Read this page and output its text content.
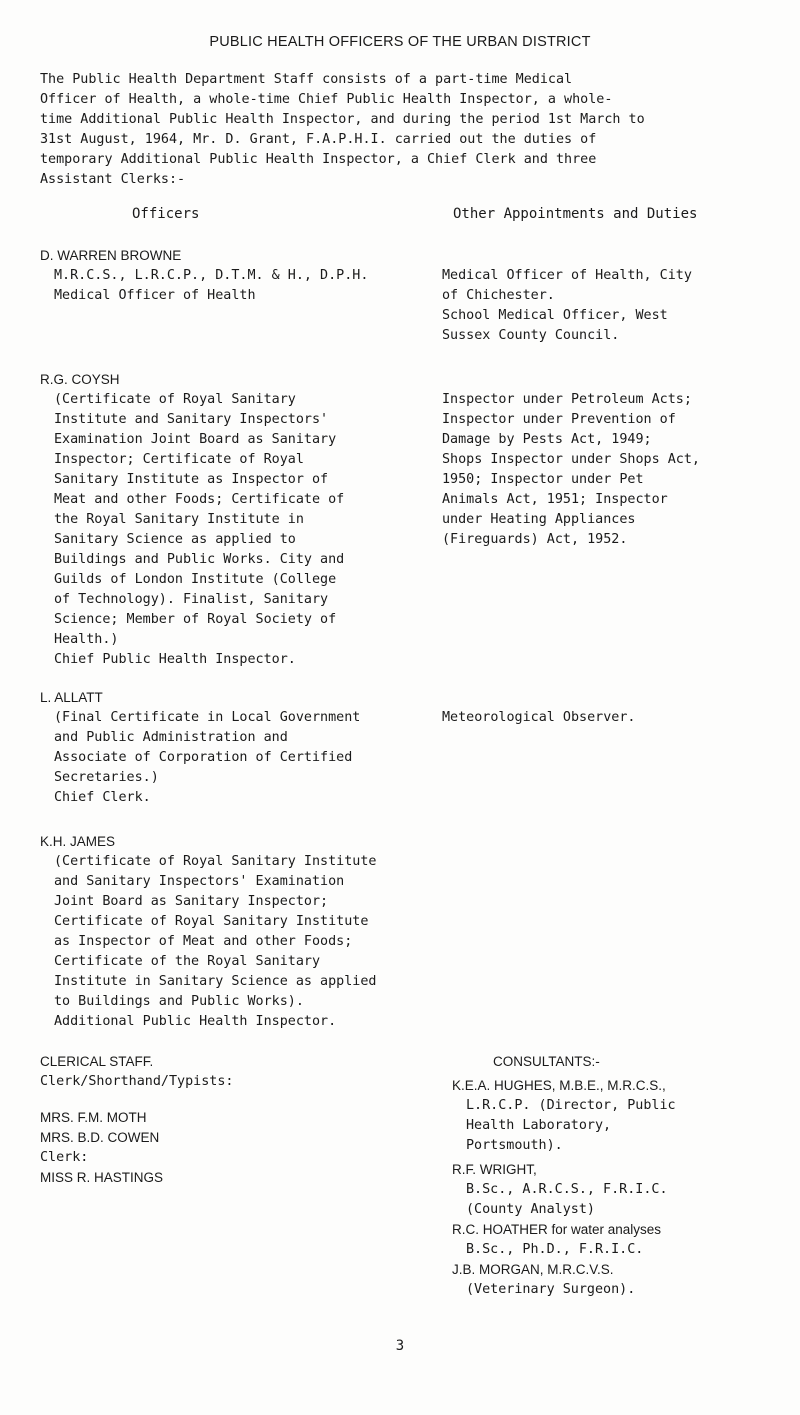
PUBLIC HEALTH OFFICERS OF THE URBAN DISTRICT
The Public Health Department Staff consists of a part-time Medical
Officer of Health, a whole-time Chief Public Health Inspector, a whole-
time Additional Public Health Inspector, and during the period 1st March to
31st August, 1964, Mr. D. Grant, F.A.P.H.I. carried out the duties of
temporary Additional Public Health Inspector, a Chief Clerk and three
Assistant Clerks:-
Officers	Other Appointments and Duties
D. WARREN BROWNE
M.R.C.S., L.R.C.P., D.T.M. & H., D.P.H.
Medical Officer of Health
Medical Officer of Health, City
of Chichester.
School Medical Officer, West
Sussex County Council.
R.G. COYSH
(Certificate of Royal Sanitary
Institute and Sanitary Inspectors'
Examination Joint Board as Sanitary
Inspector; Certificate of Royal
Sanitary Institute as Inspector of
Meat and other Foods; Certificate of
the Royal Sanitary Institute in
Sanitary Science as applied to
Buildings and Public Works. City and
Guilds of London Institute (College
of Technology). Finalist, Sanitary
Science; Member of Royal Society of
Health.)
Chief Public Health Inspector.
Inspector under Petroleum Acts;
Inspector under Prevention of
Damage by Pests Act, 1949;
Shops Inspector under Shops Act,
1950; Inspector under Pet
Animals Act, 1951; Inspector
under Heating Appliances
(Fireguards) Act, 1952.
L. ALLATT
(Final Certificate in Local Government
and Public Administration and
Associate of Corporation of Certified
Secretaries.)
Chief Clerk.
Meteorological Observer.
K.H. JAMES
(Certificate of Royal Sanitary Institute
and Sanitary Inspectors' Examination
Joint Board as Sanitary Inspector;
Certificate of Royal Sanitary Institute
as Inspector of Meat and other Foods;
Certificate of the Royal Sanitary
Institute in Sanitary Science as applied
to Buildings and Public Works).
Additional Public Health Inspector.
CLERICAL STAFF.
Clerk/Shorthand/Typists:
MRS. F.M. MOTH
MRS. B.D. COWEN
Clerk:
MISS R. HASTINGS
CONSULTANTS:-
K.E.A. HUGHES, M.B.E., M.R.C.S.,
L.R.C.P. (Director, Public
Health Laboratory,
Portsmouth).
R.F. WRIGHT,
B.Sc., A.R.C.S., F.R.I.C.
(County Analyst)
R.C. HOATHER for water analyses
B.Sc., Ph.D., F.R.I.C.
J.B. MORGAN, M.R.C.V.S.
(Veterinary Surgeon).
3
